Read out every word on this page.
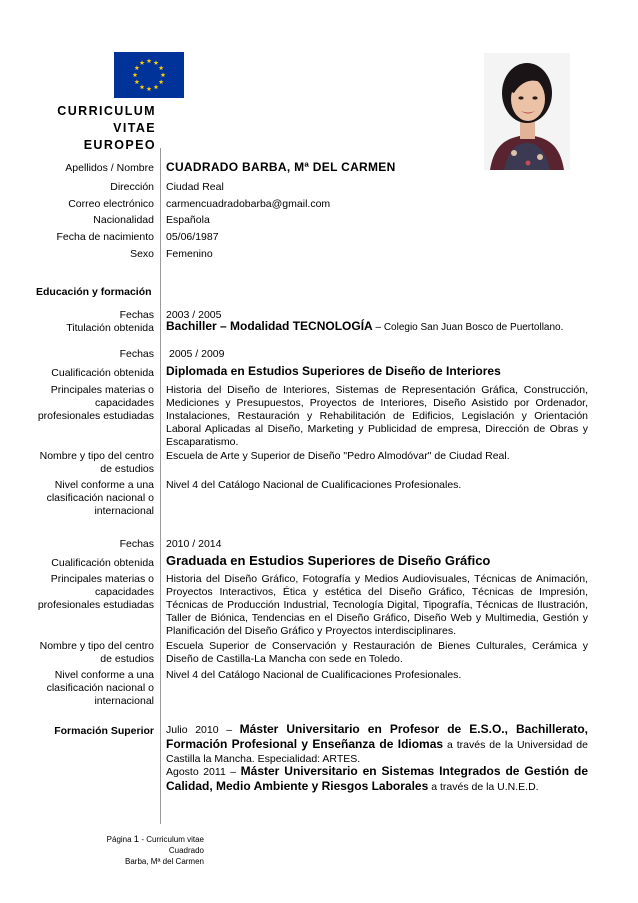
CURRICULUM
VITAE EUROPEO
Apellidos / Nombre CUADRADO BARBA, Mª DEL CARMEN
Dirección Ciudad Real
Correo electrónico carmencuadradobarba@gmail.com
Nacionalidad Española
Fecha de nacimiento 05/06/1987
Sexo Femenino
Educación y formación
Fechas 2003 / 2005
Titulación obtenida Bachiller – Modalidad TECNOLOGÍA – Colegio San Juan Bosco de Puertollano.
Fechas 2005 / 2009
Cualificación obtenida Diplomada en Estudios Superiores de Diseño de Interiores
Principales materias o capacidades profesionales estudiadas
Historia del Diseño de Interiores, Sistemas de Representación Gráfica, Construcción, Mediciones y Presupuestos, Proyectos de Interiores, Diseño Asistido por Ordenador, Instalaciones, Restauración y Rehabilitación de Edificios, Legislación y Orientación Laboral Aplicadas al Diseño, Marketing y Publicidad de empresa, Dirección de Obras y Escaparatismo.
Nombre y tipo del centro de estudios
Escuela de Arte y Superior de Diseño "Pedro Almodóvar" de Ciudad Real.
Nivel conforme a una clasificación nacional o internacional
Nivel 4 del Catálogo Nacional de Cualificaciones Profesionales.
Fechas 2010 / 2014
Cualificación obtenida Graduada en Estudios Superiores de Diseño Gráfico
Principales materias o capacidades profesionales estudiadas
Historia del Diseño Gráfico, Fotografía y Medios Audiovisuales, Técnicas de Animación, Proyectos Interactivos, Ética y estética del Diseño Gráfico, Técnicas de Impresión, Técnicas de Producción Industrial, Tecnología Digital, Tipografía, Técnicas de Ilustración, Taller de Biónica, Tendencias en el Diseño Gráfico, Diseño Web y Multimedia, Gestión y Planificación del Diseño Gráfico y Proyectos interdisciplinares.
Nombre y tipo del centro de estudios
Escuela Superior de Conservación y Restauración de Bienes Culturales, Cerámica y Diseño de Castilla-La Mancha con sede en Toledo.
Nivel conforme a una clasificación nacional o internacional
Nivel 4 del Catálogo Nacional de Cualificaciones Profesionales.
Formación Superior Julio 2010 – Máster Universitario en Profesor de E.S.O., Bachillerato, Formación Profesional y Enseñanza de Idiomas a través de la Universidad de Castilla la Mancha. Especialidad: ARTES.
Agosto 2011 – Máster Universitario en Sistemas Integrados de Gestión de Calidad, Medio Ambiente y Riesgos Laborales a través de la U.N.E.D.
Página 1 - Curriculum vitae Cuadrado
Barba, Mª del Carmen
